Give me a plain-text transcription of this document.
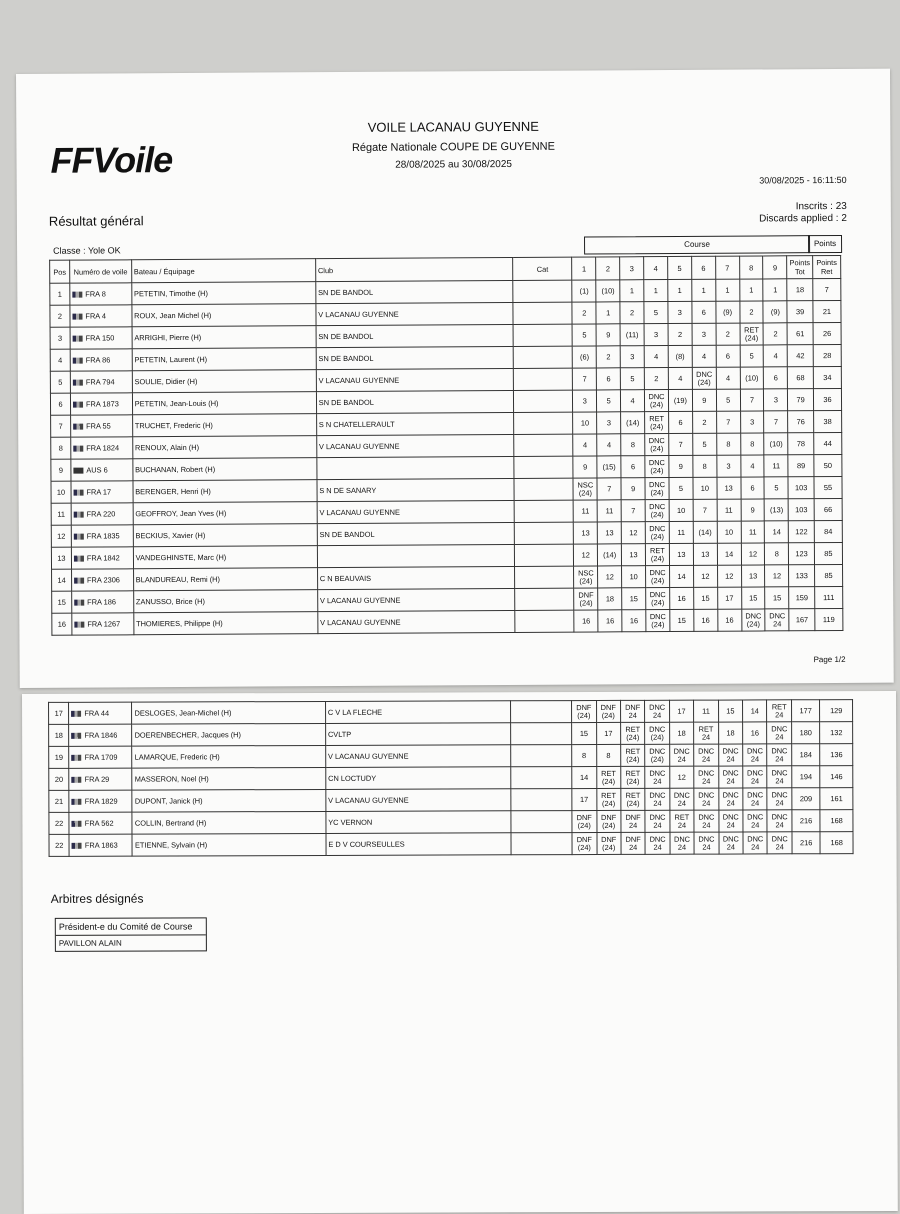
FFVoile
VOILE LACANAU GUYENNE
Régate Nationale COUPE DE GUYENNE
28/08/2025 au 30/08/2025
30/08/2025 - 16:11:50
Résultat général
Inscrits : 23
Discards applied : 2
Classe : Yole OK
Course	Points
Pos	Numéro de voile	Bateau / Équipage	Club	Cat	1	2	3	4	5	6	7	8	9	Points Tot	Points Ret
1	FRA 8	PETETIN, Timothe (H)	SN DE BANDOL		(1)	(10)	1	1	1	1	1	1	1	18	7
2	FRA 4	ROUX, Jean Michel (H)	V LACANAU GUYENNE		2	1	2	5	3	6	(9)	2	(9)	39	21
3	FRA 150	ARRIGHI, Pierre (H)	SN DE BANDOL		5	9	(11)	3	2	3	2	RET (24)	2	61	26
4	FRA 86	PETETIN, Laurent (H)	SN DE BANDOL		(6)	2	3	4	(8)	4	6	5	4	42	28
5	FRA 794	SOULIE, Didier (H)	V LACANAU GUYENNE		7	6	5	2	4	DNC (24)	4	(10)	6	68	34
6	FRA 1873	PETETIN, Jean-Louis (H)	SN DE BANDOL		3	5	4	DNC (24)	(19)	9	5	7	3	79	36
7	FRA 55	TRUCHET, Frederic (H)	S N CHATELLERAULT		10	3	(14)	RET (24)	6	2	7	3	7	76	38
8	FRA 1824	RENOUX, Alain (H)	V LACANAU GUYENNE		4	4	8	DNC (24)	7	5	8	8	(10)	78	44
9	AUS 6	BUCHANAN, Robert (H)			9	(15)	6	DNC (24)	9	8	3	4	11	89	50
10	FRA 17	BERENGER, Henri (H)	S N DE SANARY		NSC (24)	7	9	DNC (24)	5	10	13	6	5	103	55
11	FRA 220	GEOFFROY, Jean Yves (H)	V LACANAU GUYENNE		11	11	7	DNC (24)	10	7	11	9	(13)	103	66
12	FRA 1835	BECKIUS, Xavier (H)	SN DE BANDOL		13	13	12	DNC (24)	11	(14)	10	11	14	122	84
13	FRA 1842	VANDEGHINSTE, Marc (H)			12	(14)	13	RET (24)	13	13	14	12	8	123	85
14	FRA 2306	BLANDUREAU, Remi (H)	C N BEAUVAIS		NSC (24)	12	10	DNC (24)	14	12	12	13	12	133	85
15	FRA 186	ZANUSSO, Brice (H)	V LACANAU GUYENNE		DNF (24)	18	15	DNC (24)	16	15	17	15	15	159	111
16	FRA 1267	THOMIERES, Philippe (H)	V LACANAU GUYENNE		16	16	16	DNC (24)	15	16	16	DNC (24)	DNC 24	167	119
Page 1/2
17	FRA 44	DESLOGES, Jean-Michel (H)	C V LA FLECHE		DNF (24)	DNF (24)	DNF 24	DNC 24	17	11	15	14	RET 24	177	129
18	FRA 1846	DOERENBECHER, Jacques (H)	CVLTP		15	17	RET (24)	DNC (24)	18	RET 24	18	16	DNC 24	180	132
19	FRA 1709	LAMARQUE, Frederic (H)	V LACANAU GUYENNE		8	8	RET (24)	DNC (24)	DNC 24	DNC 24	DNC 24	DNC 24	DNC 24	184	136
20	FRA 29	MASSERON, Noel (H)	CN LOCTUDY		14	RET (24)	RET (24)	DNC 24	12	DNC 24	DNC 24	DNC 24	DNC 24	194	146
21	FRA 1829	DUPONT, Janick (H)	V LACANAU GUYENNE		17	RET (24)	RET (24)	DNC 24	DNC 24	DNC 24	DNC 24	DNC 24	DNC 24	209	161
22	FRA 562	COLLIN, Bertrand (H)	YC VERNON		DNF (24)	DNF (24)	DNF 24	DNC 24	RET 24	DNC 24	DNC 24	DNC 24	DNC 24	216	168
22	FRA 1863	ETIENNE, Sylvain (H)	E D V COURSEULLES		DNF (24)	DNF (24)	DNF 24	DNC 24	DNC 24	DNC 24	DNC 24	DNC 24	DNC 24	216	168
Arbitres désignés
Président-e du Comité de Course
PAVILLON ALAIN
